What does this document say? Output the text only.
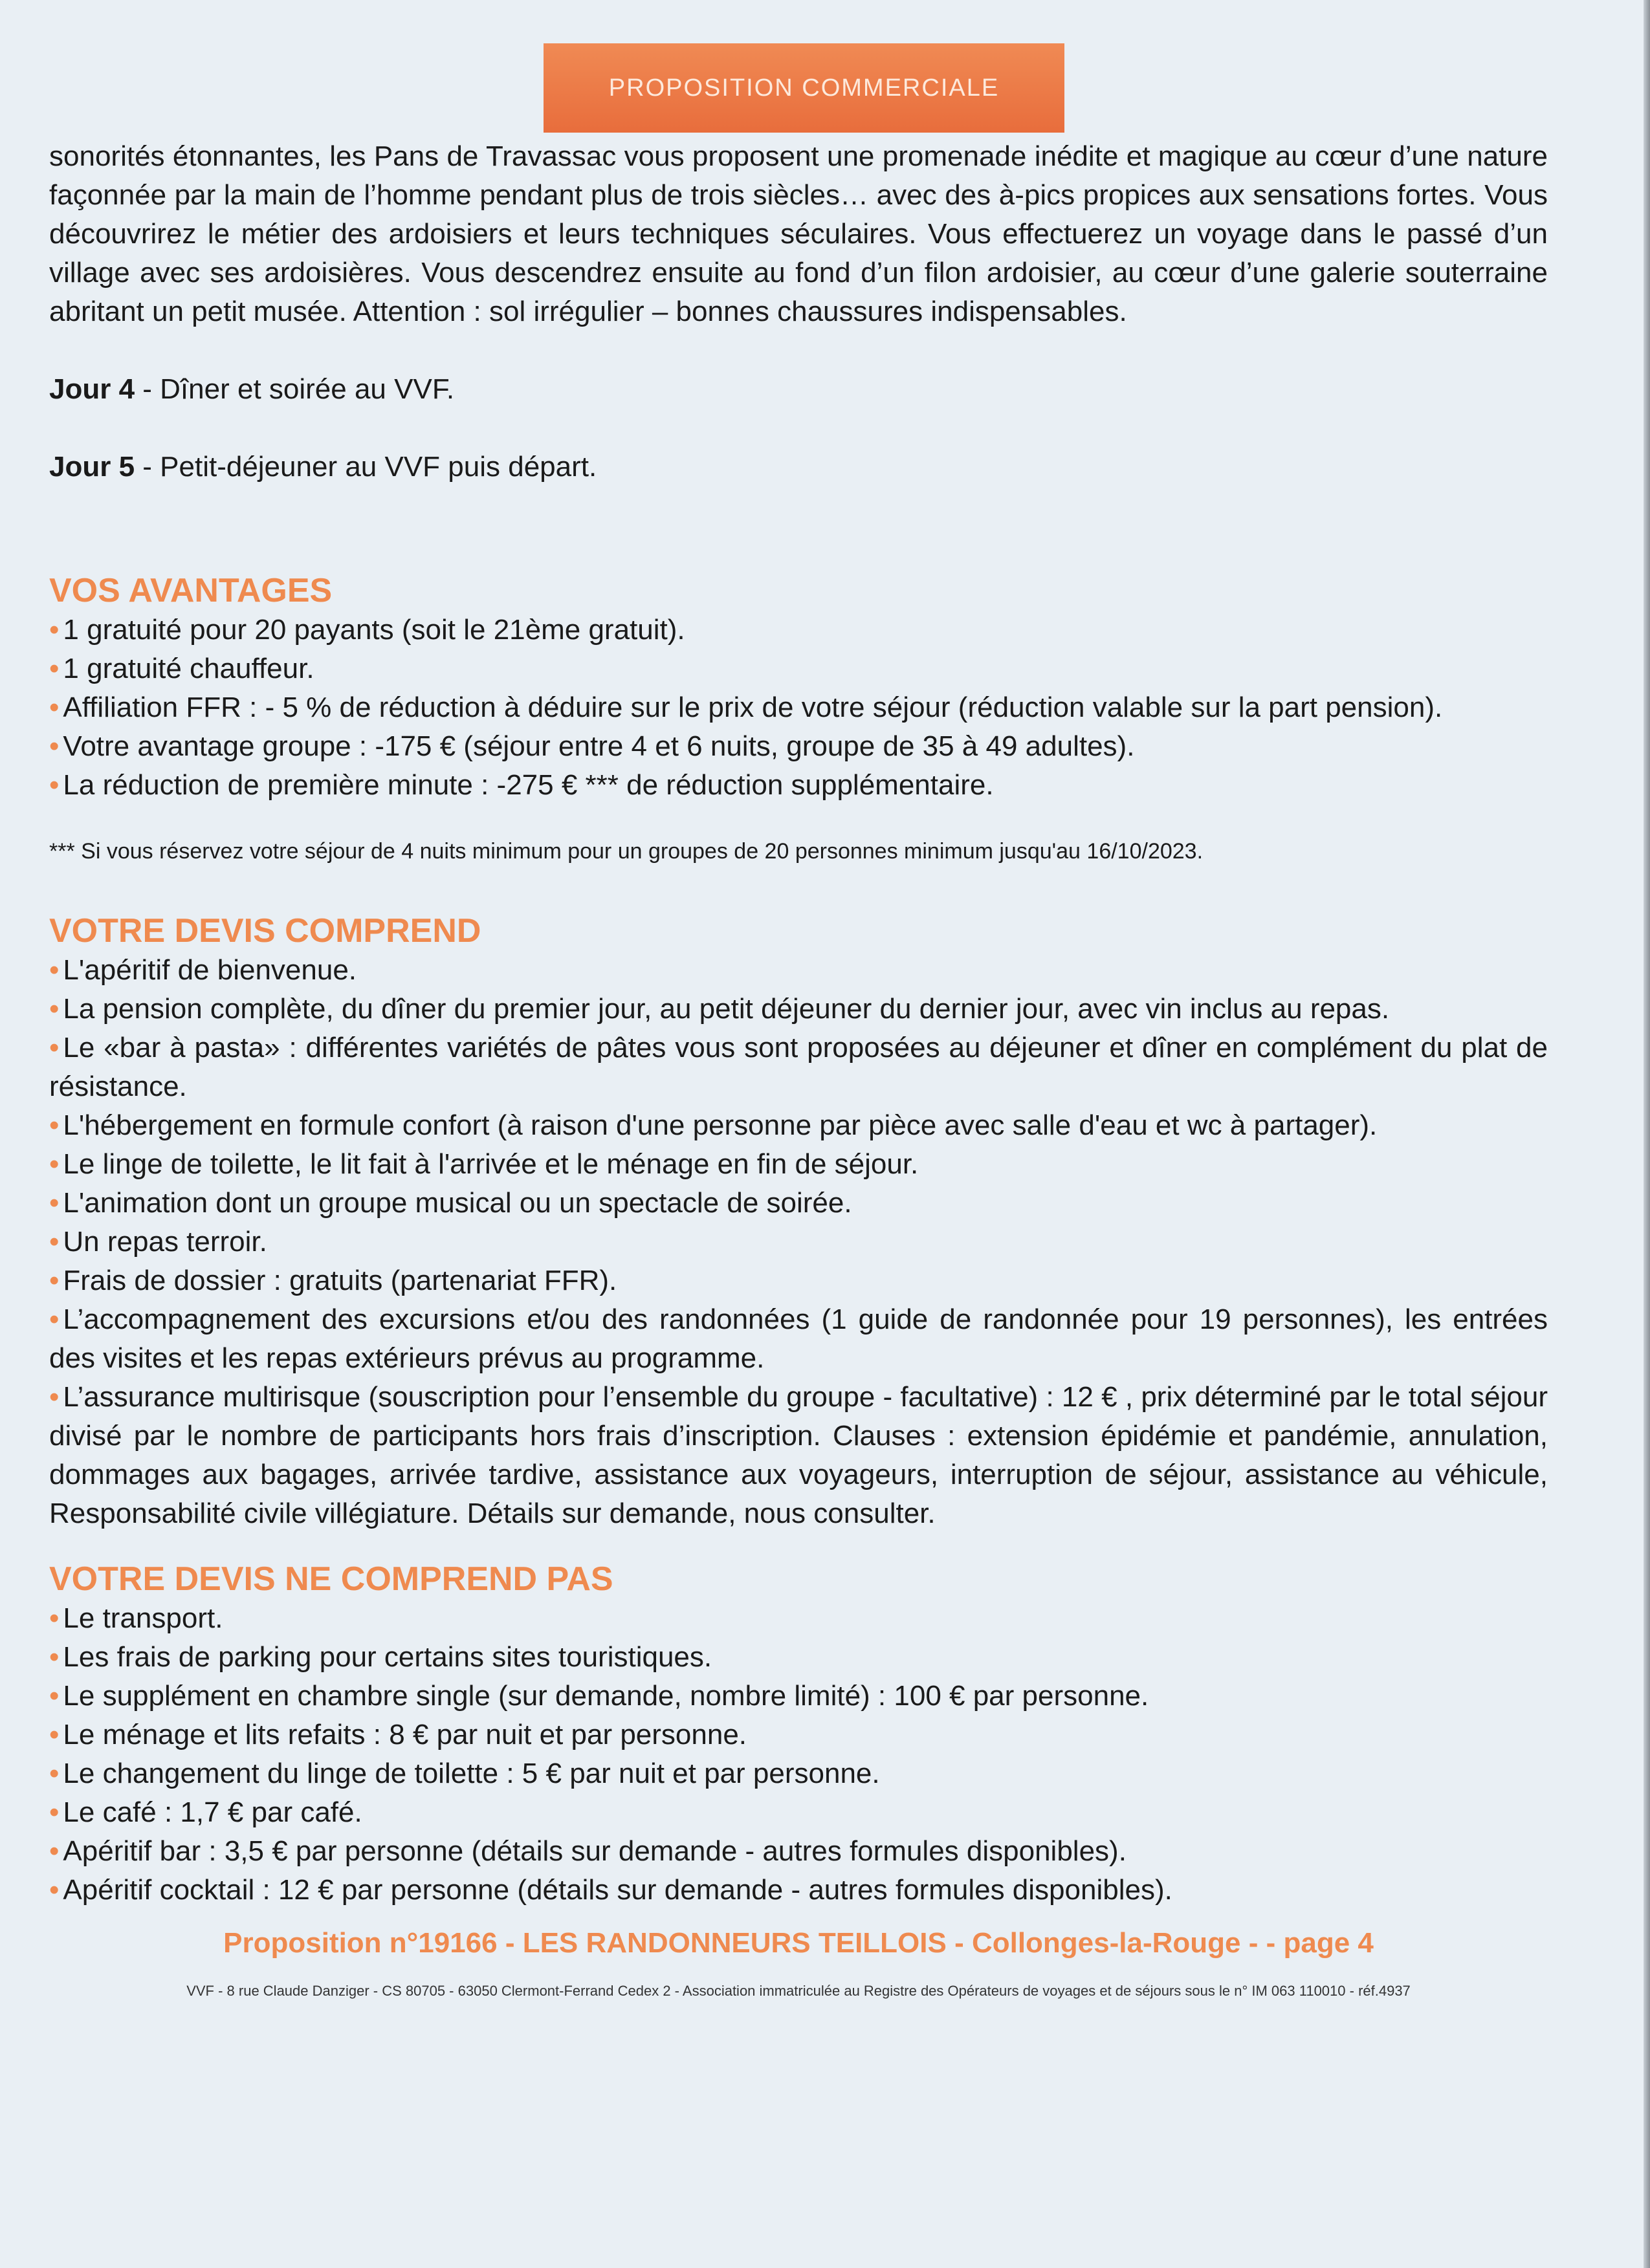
PROPOSITION COMMERCIALE

sonorités étonnantes, les Pans de Travassac vous proposent une promenade inédite et magique au cœur d’une nature façonnée par la main de l’homme pendant plus de trois siècles… avec des à-pics propices aux sensations fortes. Vous découvrirez le métier des ardoisiers et leurs techniques séculaires. Vous effectuerez un voyage dans le passé d’un village avec ses ardoisières. Vous descendrez ensuite au fond d’un filon ardoisier, au cœur d’une galerie souterraine abritant un petit musée. Attention : sol irrégulier – bonnes chaussures indispensables.

Jour 4 - Dîner et soirée au VVF.

Jour 5 - Petit-déjeuner au VVF puis départ.

VOS AVANTAGES
• 1 gratuité pour 20 payants (soit le 21ème gratuit).
• 1 gratuité chauffeur.
• Affiliation FFR : - 5 % de réduction à déduire sur le prix de votre séjour (réduction valable sur la part pension).
• Votre avantage groupe : -175 € (séjour entre 4 et 6 nuits, groupe de 35 à 49 adultes).
• La réduction de première minute : -275 € *** de réduction supplémentaire.

*** Si vous réservez votre séjour de 4 nuits minimum pour un groupes de 20 personnes minimum jusqu'au 16/10/2023.

VOTRE DEVIS COMPREND
• L'apéritif de bienvenue.
• La pension complète, du dîner du premier jour, au petit déjeuner du dernier jour, avec vin inclus au repas.
• Le «bar à pasta» : différentes variétés de pâtes vous sont proposées au déjeuner et dîner en complément du plat de résistance.
• L'hébergement en formule confort (à raison d'une personne par pièce avec salle d'eau et wc à partager).
• Le linge de toilette, le lit fait à l'arrivée et le ménage en fin de séjour.
• L'animation dont un groupe musical ou un spectacle de soirée.
• Un repas terroir.
• Frais de dossier : gratuits (partenariat FFR).
• L’accompagnement des excursions et/ou des randonnées (1 guide de randonnée pour 19 personnes), les entrées des visites et les repas extérieurs prévus au programme.
• L’assurance multirisque (souscription pour l’ensemble du groupe - facultative) : 12 € , prix déterminé par le total séjour divisé par le nombre de participants hors frais d’inscription. Clauses : extension épidémie et pandémie, annulation, dommages aux bagages, arrivée tardive, assistance aux voyageurs, interruption de séjour, assistance au véhicule, Responsabilité civile villégiature. Détails sur demande, nous consulter.
VOTRE DEVIS NE COMPREND PAS
• Le transport.
• Les frais de parking pour certains sites touristiques.
• Le supplément en chambre single (sur demande, nombre limité) : 100 € par personne.
• Le ménage et lits refaits : 8 € par nuit et par personne.
• Le changement du linge de toilette : 5 € par nuit et par personne.
• Le café : 1,7 € par café.
• Apéritif bar : 3,5 € par personne (détails sur demande - autres formules disponibles).
• Apéritif cocktail : 12 € par personne (détails sur demande - autres formules disponibles).

Proposition n°19166 - LES RANDONNEURS TEILLOIS - Collonges-la-Rouge - - page 4

VVF - 8 rue Claude Danziger - CS 80705 - 63050 Clermont-Ferrand Cedex 2 - Association immatriculée au Registre des Opérateurs de voyages et de séjours sous le n° IM 063 110010 - réf.4937
